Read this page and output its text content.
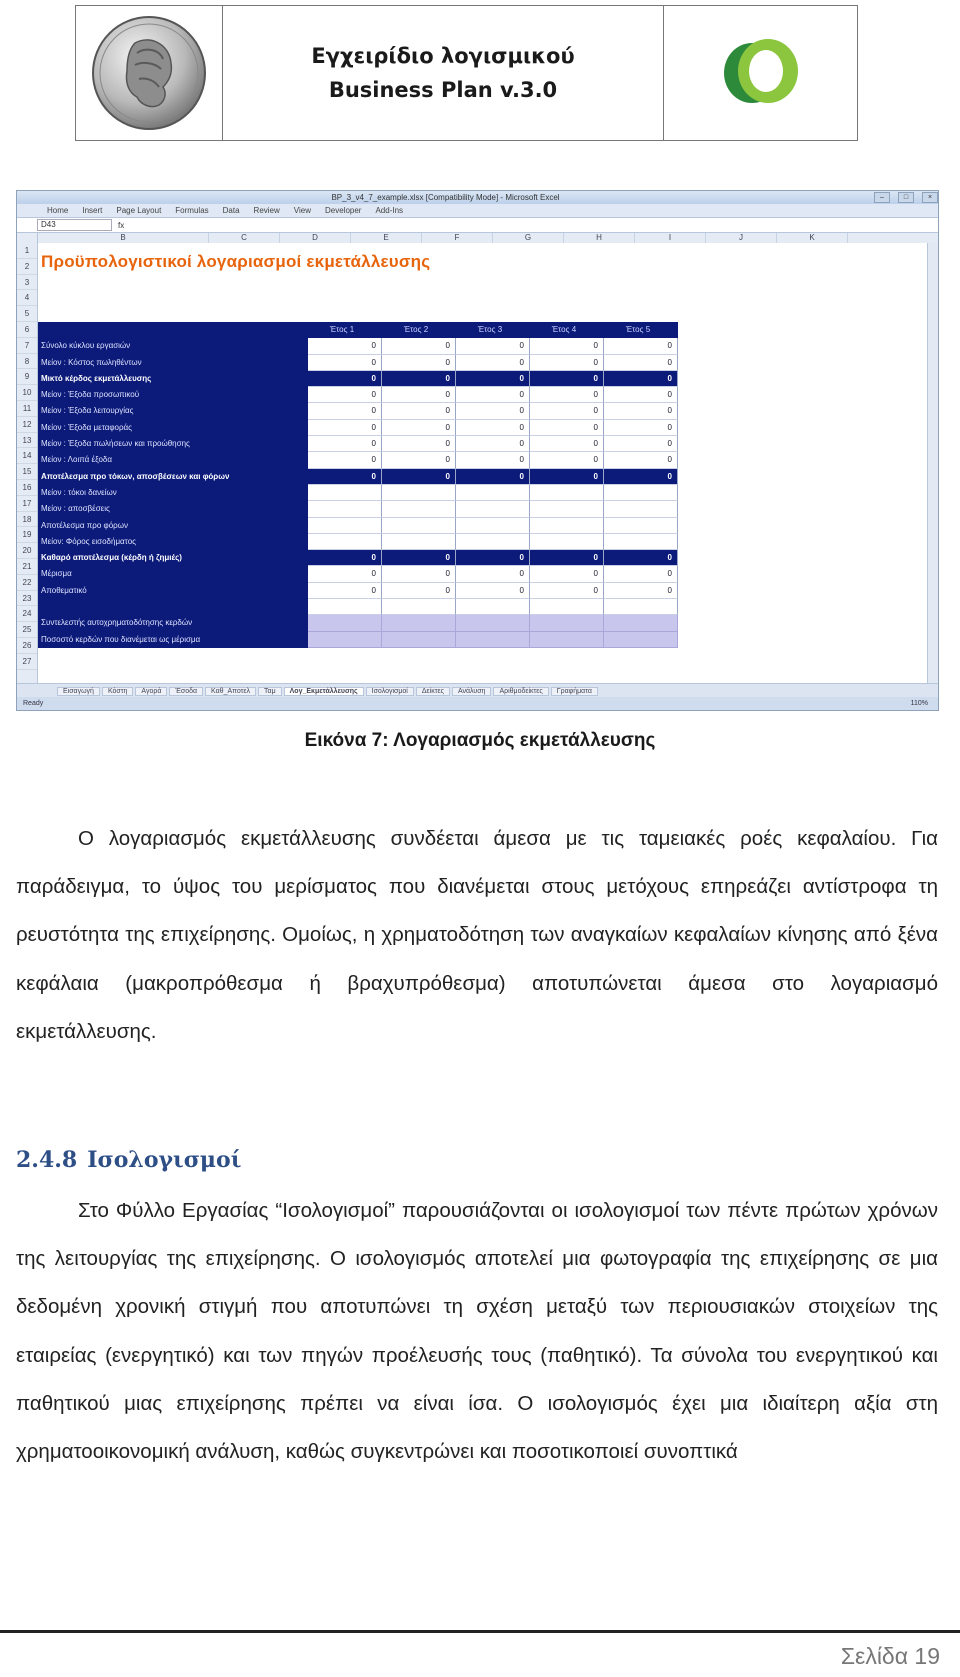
Εγχειρίδιο λογισμικού
Business Plan v.3.0
BP_3_v4_7_example.xlsx [Compatibility Mode] - Microsoft Excel	–	□	×
Home Insert Page Layout Formulas Data Review View Developer Add-Ins
D43	fx
B	C	D	E	F	G	H	I	J	K
1
2
3
4
5
6
7
8
9
10
11
12
13
14
15
16
17
18
19
20
21
22
23
24
25
26
27
Προϋπολογιστικοί λογαριασμοί εκμετάλλευσης
Έτος 1	Έτος 2	Έτος 3	Έτος 4	Έτος 5
Σύνολο κύκλου εργασιών	0	0	0	0	0
Μείον : Κόστος πωληθέντων	0	0	0	0	0
Μικτό κέρδος εκμετάλλευσης	0	0	0	0	0
Μείον : Έξοδα προσωπικού	0	0	0	0	0
Μείον : Έξοδα λειτουργίας	0	0	0	0	0
Μείον : Έξοδα μεταφοράς	0	0	0	0	0
Μείον : Έξοδα πωλήσεων και προώθησης	0	0	0	0	0
Μείον : Λοιπά έξοδα	0	0	0	0	0
Αποτέλεσμα προ τόκων, αποσβέσεων και φόρων	0	0	0	0	0
Μείον : τόκοι δανείων
Μείον : αποσβέσεις
Αποτέλεσμα προ φόρων
Μείον: Φόρος εισοδήματος
Καθαρό αποτέλεσμα (κέρδη ή ζημιές)	0	0	0	0	0
Μέρισμα	0	0	0	0	0
Αποθεματικό	0	0	0	0	0
Συντελεστής αυτοχρηματοδότησης κερδών
Ποσοστό κερδών που διανέμεται ως μέρισμα
Εισαγωγή	Κόστη	Αγορά	Έσοδα	Καθ_Αποτελ	Ταμ	Λογ_Εκμετάλλευσης	Ισολογισμοί	Δείκτες	Ανάλυση	Αριθμοδείκτες	Γραφήματα
Ready	110%
Εικόνα 7: Λογαριασμός εκμετάλλευσης
Ο λογαριασμός εκμετάλλευσης συνδέεται άμεσα με τις ταμειακές ροές κεφαλαίου. Για παράδειγμα, το ύψος του μερίσματος που διανέμεται στους μετόχους επηρεάζει αντίστροφα τη ρευστότητα της επιχείρησης. Ομοίως, η χρηματοδότηση των αναγκαίων κεφαλαίων κίνησης από ξένα κεφάλαια (μακροπρόθεσμα ή βραχυπρόθεσμα) αποτυπώνεται άμεσα στο λογαριασμό εκμετάλλευσης.
2.4.8 Ισολογισμοί
Στο Φύλλο Εργασίας “Ισολογισμοί” παρουσιάζονται οι ισολογισμοί των πέντε πρώτων χρόνων της λειτουργίας της επιχείρησης. Ο ισολογισμός αποτελεί μια φωτογραφία της επιχείρησης σε μια δεδομένη χρονική στιγμή που αποτυπώνει τη σχέση μεταξύ των περιουσιακών στοιχείων της εταιρείας (ενεργητικό) και των πηγών προέλευσής τους (παθητικό). Τα σύνολα του ενεργητικού και παθητικού μιας επιχείρησης πρέπει να είναι ίσα. Ο ισολογισμός έχει μια ιδιαίτερη αξία στη χρηματοοικονομική ανάλυση, καθώς συγκεντρώνει και ποσοτικοποιεί συνοπτικά
Σελίδα 19
